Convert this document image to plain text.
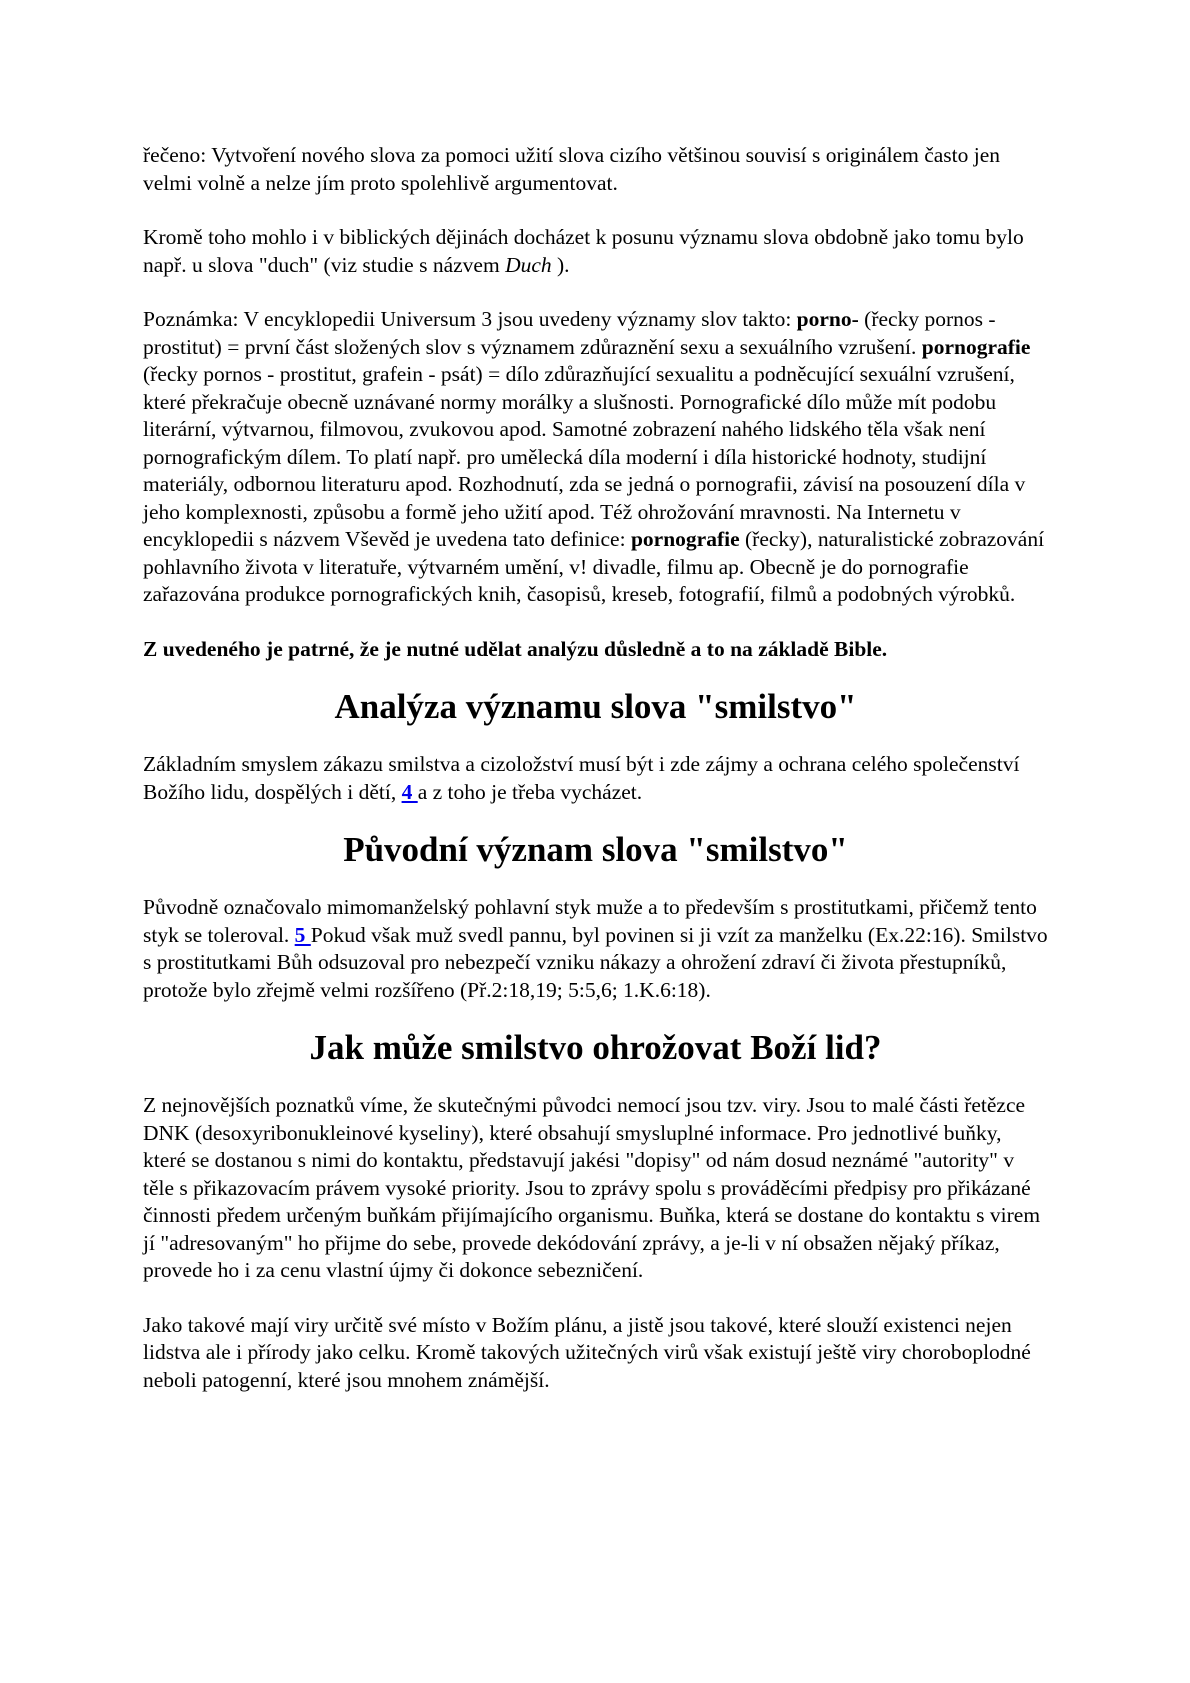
řečeno: Vytvoření nového slova za pomoci užití slova cizího většinou souvisí s originálem často jen velmi volně a nelze jím proto spolehlivě argumentovat.

Kromě toho mohlo i v biblických dějinách docházet k posunu významu slova obdobně jako tomu bylo např. u slova "duch" (viz studie s názvem Duch ).

Poznámka: V encyklopedii Universum 3 jsou uvedeny významy slov takto: porno- (řecky pornos - prostitut) = první část složených slov s významem zdůraznění sexu a sexuálního vzrušení. pornografie (řecky pornos - prostitut, grafein - psát) = dílo zdůrazňující sexualitu a podněcující sexuální vzrušení, které překračuje obecně uznávané normy morálky a slušnosti. Pornografické dílo může mít podobu literární, výtvarnou, filmovou, zvukovou apod. Samotné zobrazení nahého lidského těla však není pornografickým dílem. To platí např. pro umělecká díla moderní i díla historické hodnoty, studijní materiály, odbornou literaturu apod. Rozhodnutí, zda se jedná o pornografii, závisí na posouzení díla v jeho komplexnosti, způsobu a formě jeho užití apod. Též ohrožování mravnosti. Na Internetu v encyklopedii s názvem Vševěd je uvedena tato definice: pornografie (řecky), naturalistické zobrazování pohlavního života v literatuře, výtvarném umění, v! divadle, filmu ap. Obecně je do pornografie zařazována produkce pornografických knih, časopisů, kreseb, fotografií, filmů a podobných výrobků.

Z uvedeného je patrné, že je nutné udělat analýzu důsledně a to na základě Bible.

Analýza významu slova "smilstvo"

Základním smyslem zákazu smilstva a cizoložství musí být i zde zájmy a ochrana celého společenství Božího lidu, dospělých i dětí, 4 a z toho je třeba vycházet.

Původní význam slova "smilstvo"

Původně označovalo mimomanželský pohlavní styk muže a to především s prostitutkami, přičemž tento styk se toleroval. 5 Pokud však muž svedl pannu, byl povinen si ji vzít za manželku (Ex.22:16). Smilstvo s prostitutkami Bůh odsuzoval pro nebezpečí vzniku nákazy a ohrožení zdraví či života přestupníků, protože bylo zřejmě velmi rozšířeno (Př.2:18,19; 5:5,6; 1.K.6:18).

Jak může smilstvo ohrožovat Boží lid?

Z nejnovějších poznatků víme, že skutečnými původci nemocí jsou tzv. viry. Jsou to malé části řetězce DNK (desoxyribonukleinové kyseliny), které obsahují smysluplné informace. Pro jednotlivé buňky, které se dostanou s nimi do kontaktu, představují jakési "dopisy" od nám dosud neznámé "autority" v těle s přikazovacím právem vysoké priority. Jsou to zprávy spolu s prováděcími předpisy pro přikázané činnosti předem určeným buňkám přijímajícího organismu. Buňka, která se dostane do kontaktu s virem jí "adresovaným" ho přijme do sebe, provede dekódování zprávy, a je-li v ní obsažen nějaký příkaz, provede ho i za cenu vlastní újmy či dokonce sebezničení.

Jako takové mají viry určitě své místo v Božím plánu, a jistě jsou takové, které slouží existenci nejen lidstva ale i přírody jako celku. Kromě takových užitečných virů však existují ještě viry choroboplodné neboli patogenní, které jsou mnohem známější.
